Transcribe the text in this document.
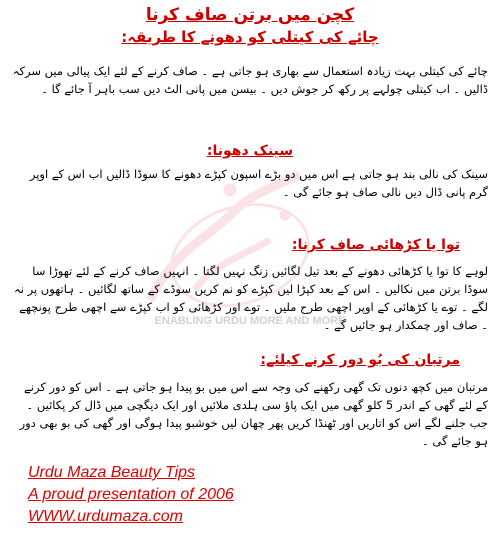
ENABLING URDU MORE AND MORE
کچن میں برتن صاف کرنا
چائے کی کیتلی کو دھونے کا طریقہ:
چائے کی کیتلی بہت زیادہ استعمال سے بھاری ہو جاتی ہے ۔ صاف کرنے کے لئے ایک پیالی میں سرکہ ڈالیں ۔ اب کیتلی چولہے پر رکھ کر جوش دیں ۔ بیسن میں پانی الٹ دیں سب باہر آ جائے گا ۔
سینک دھونا:
سینک کی نالی بند ہو جاتی ہے اس میں دو بڑے اسپون کپڑے دھونے کا سوڈا ڈالیں اب اس کے اوپر گرم پانی ڈال دیں نالی صاف ہو جائے گی ۔
توا یا کڑھائی صاف کرنا:
لوہے کا توا یا کڑھائی دھونے کے بعد تیل لگائیں زنگ نہیں لگتا ۔ انہیں صاف کرنے کے لئے تھوڑا سا سوڈا برتن میں نکالیں ۔ اس کے بعد کپڑا لیں کپڑے کو نم کریں سوڈے کے ساتھ لگائیں ۔ ہاتھوں پر نہ لگے ۔ توے یا کڑھائی کے اوپر اچھی طرح ملیں ۔ توے اور کڑھائی کو اب کپڑے سے اچھی طرح پونچھے ۔ صاف اور چمکدار ہو جائیں گے ۔
مرتبان کی بُو دور کرنے کیلئے:
مرتبان میں کچھ دنوں تک گھی رکھنے کی وجہ سے اس میں بو پیدا ہو جاتی ہے ۔ اس کو دور کرنے کے لئے گھی کے اندر 5 کلو گھی میں ایک پاؤ سی ہلدی ملائیں اور ایک دیگچی میں ڈال کر پکائیں ۔ جب جلنے لگے اس کو اتاریں اور ٹھنڈا کریں پھر چھان لیں خوشبو پیدا ہوگی اور گھی کی بو بھی دور ہو جائے گی ۔
Urdu Maza Beauty Tips
A proud presentation of 2006
WWW.urdumaza.com
